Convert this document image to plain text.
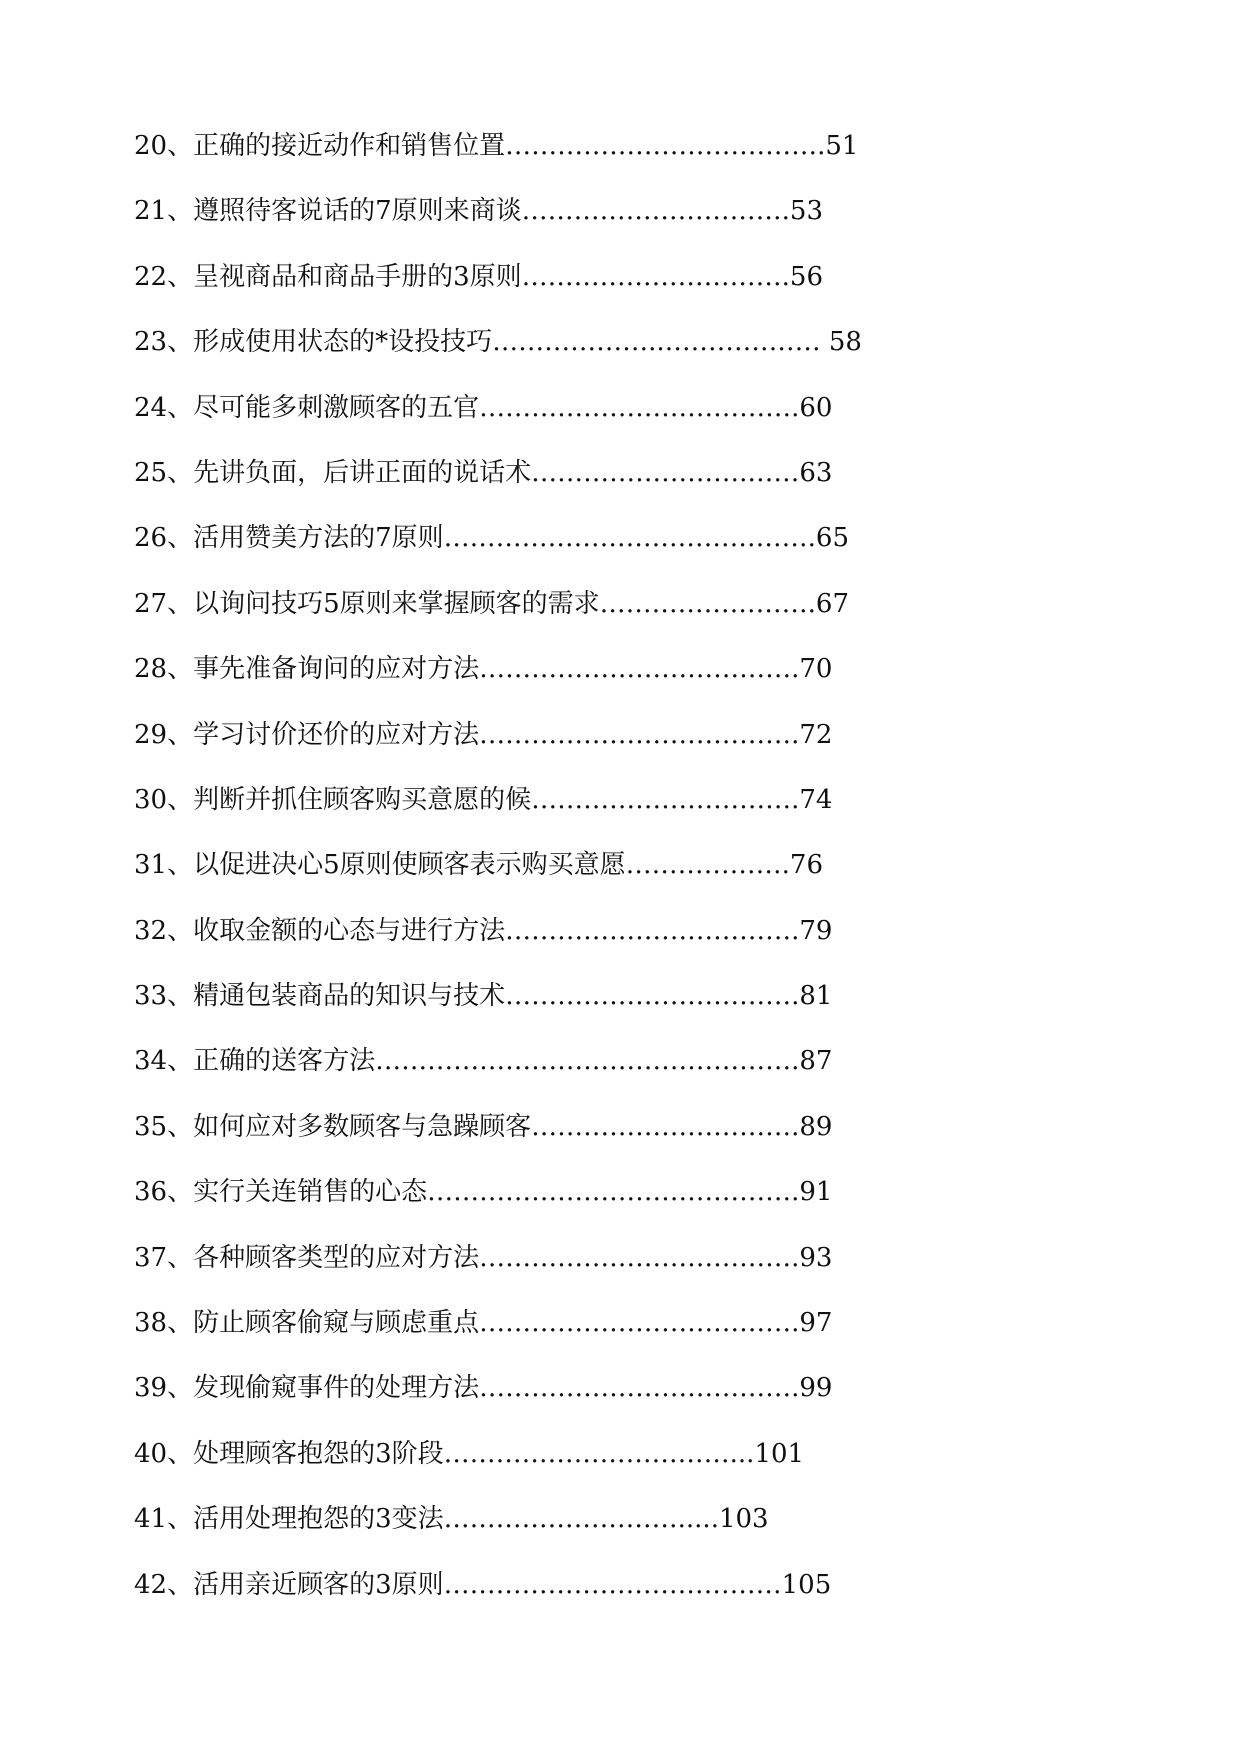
20、正确的接近动作和销售位置……………………………….51
21、遵照待客说话的7原则来商谈………………………….53
22、呈视商品和商品手册的3原则………………………….56
23、形成使用状态的*设投技巧………………..……………… 58
24、尽可能多刺激顾客的五官……………………………….60
25、先讲负面，后讲正面的说话术…………………….……63
26、活用赞美方法的7原则…………………………………….65
27、以询问技巧5原则来掌握顾客的需求…………………….67
28、事先准备询问的应对方法……………………………….70
29、学习讨价还价的应对方法……………………………….72
30、判断并抓住顾客购买意愿的候………………………….74
31、以促进决心5原则使顾客表示购买意愿……………….76
32、收取金额的心态与进行方法…………………………….79
33、精通包装商品的知识与技术…………………………….81
34、正确的送客方法………………………………………….87
35、如何应对多数顾客与急躁顾客………………………….89
36、实行关连销售的心态…………………………………….91
37、各种顾客类型的应对方法……………………………….93
38、防止顾客偷窥与顾虑重点……………………………….97
39、发现偷窥事件的处理方法……………………………….99
40、处理顾客抱怨的3阶段……………………………...101
41、活用处理抱怨的3变法……………………….....103
42、活用亲近顾客的3原则…………………………………105
